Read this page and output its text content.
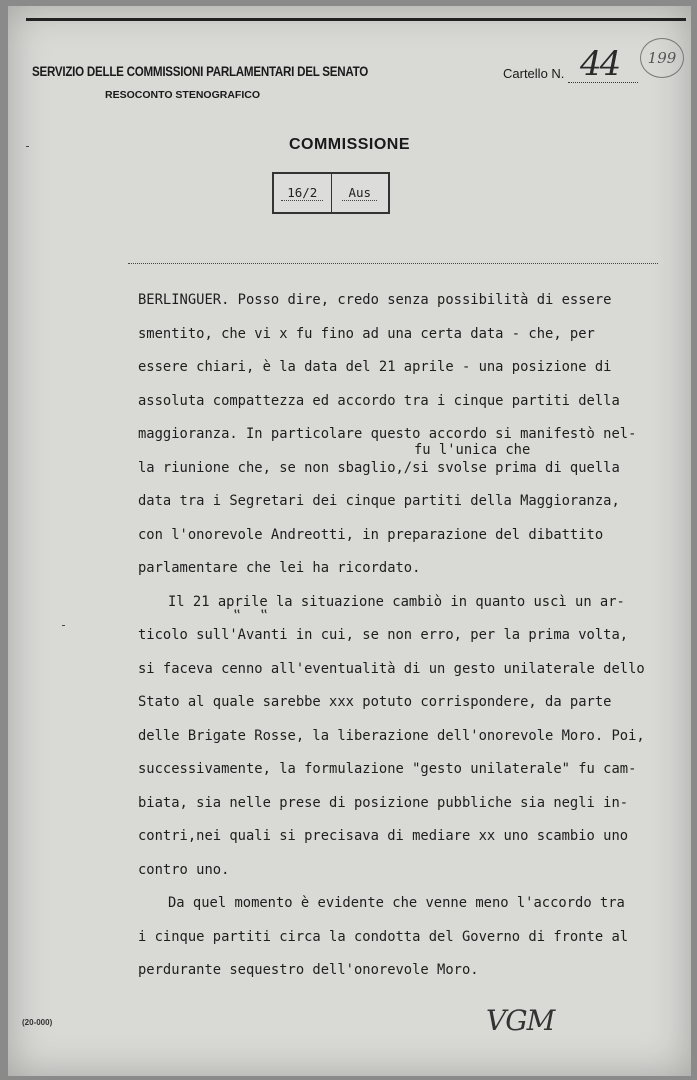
SERVIZIO DELLE COMMISSIONI PARLAMENTARI DEL SENATO
RESOCONTO STENOGRAFICO
Cartello N. 44	199
COMMISSIONE
16/2	Aus
BERLINGUER. Posso dire, credo senza possibilità di essere
smentito, che vi x fu fino ad una certa data - che, per
essere chiari, è la data del 21 aprile - una posizione di
assoluta compattezza ed accordo tra i cinque partiti della
maggioranza. In particolare questo accordo si manifestò nel-
fu l'unica che
la riunione che, se non sbaglio,/si svolse prima di quella
data tra i Segretari dei cinque partiti della Maggioranza,
con l'onorevole Andreotti, in preparazione del dibattito
parlamentare che lei ha ricordato.
Il 21 aprile la situazione cambiò in quanto uscì un ar-
‟ ‟
ticolo sull'Avanti in cui, se non erro, per la prima volta,
si faceva cenno all'eventualità di un gesto unilaterale dello
Stato al quale sarebbe xxx potuto corrispondere, da parte
delle Brigate Rosse, la liberazione dell'onorevole Moro. Poi,
successivamente, la formulazione "gesto unilaterale" fu cam-
biata, sia nelle prese di posizione pubbliche sia negli in-
contri,nei quali si precisava di mediare xx uno scambio uno
contro uno.
Da quel momento è evidente che venne meno l'accordo tra
i cinque partiti circa la condotta del Governo di fronte al
perdurante sequestro dell'onorevole Moro.
(20-000)	VGM
